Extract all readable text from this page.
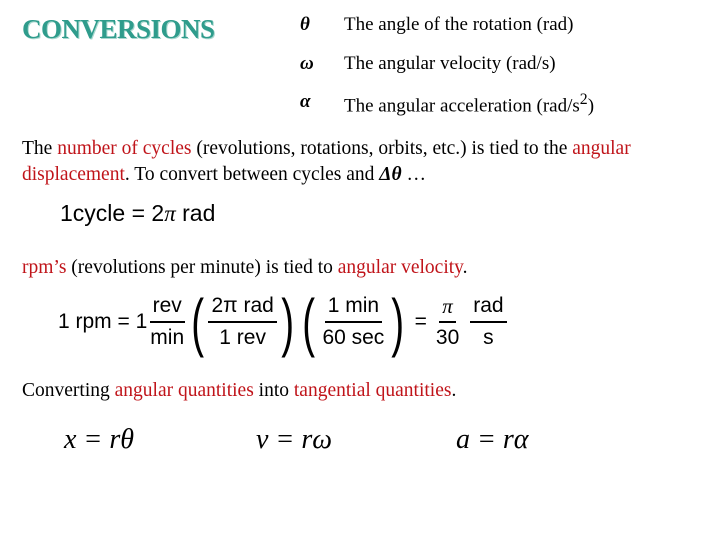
CONVERSIONS	θ The angle of the rotation (rad)
ω The angular velocity (rad/s)
α The angular acceleration $(rad/s^2)$
The number of cycles (revolutions, rotations, orbits, etc.) is tied to the angular displacement. To convert between cycles and Δθ …
1cycle = 2π rad
rpm’s (revolutions per minute) is tied to angular velocity.
1 rpm = $1 \frac{\text{rev}}{\min}$ ( $\frac{\text{2π rad}}{\text{1 rev}}$ ) ( $\frac{1 \min}{60 \sec}$ ) = $\frac{\pi}{30} \frac{\text{rad}}{s}$
Converting angular quantities into tangential quantities.
x = rθ	v = rω	a = rα
